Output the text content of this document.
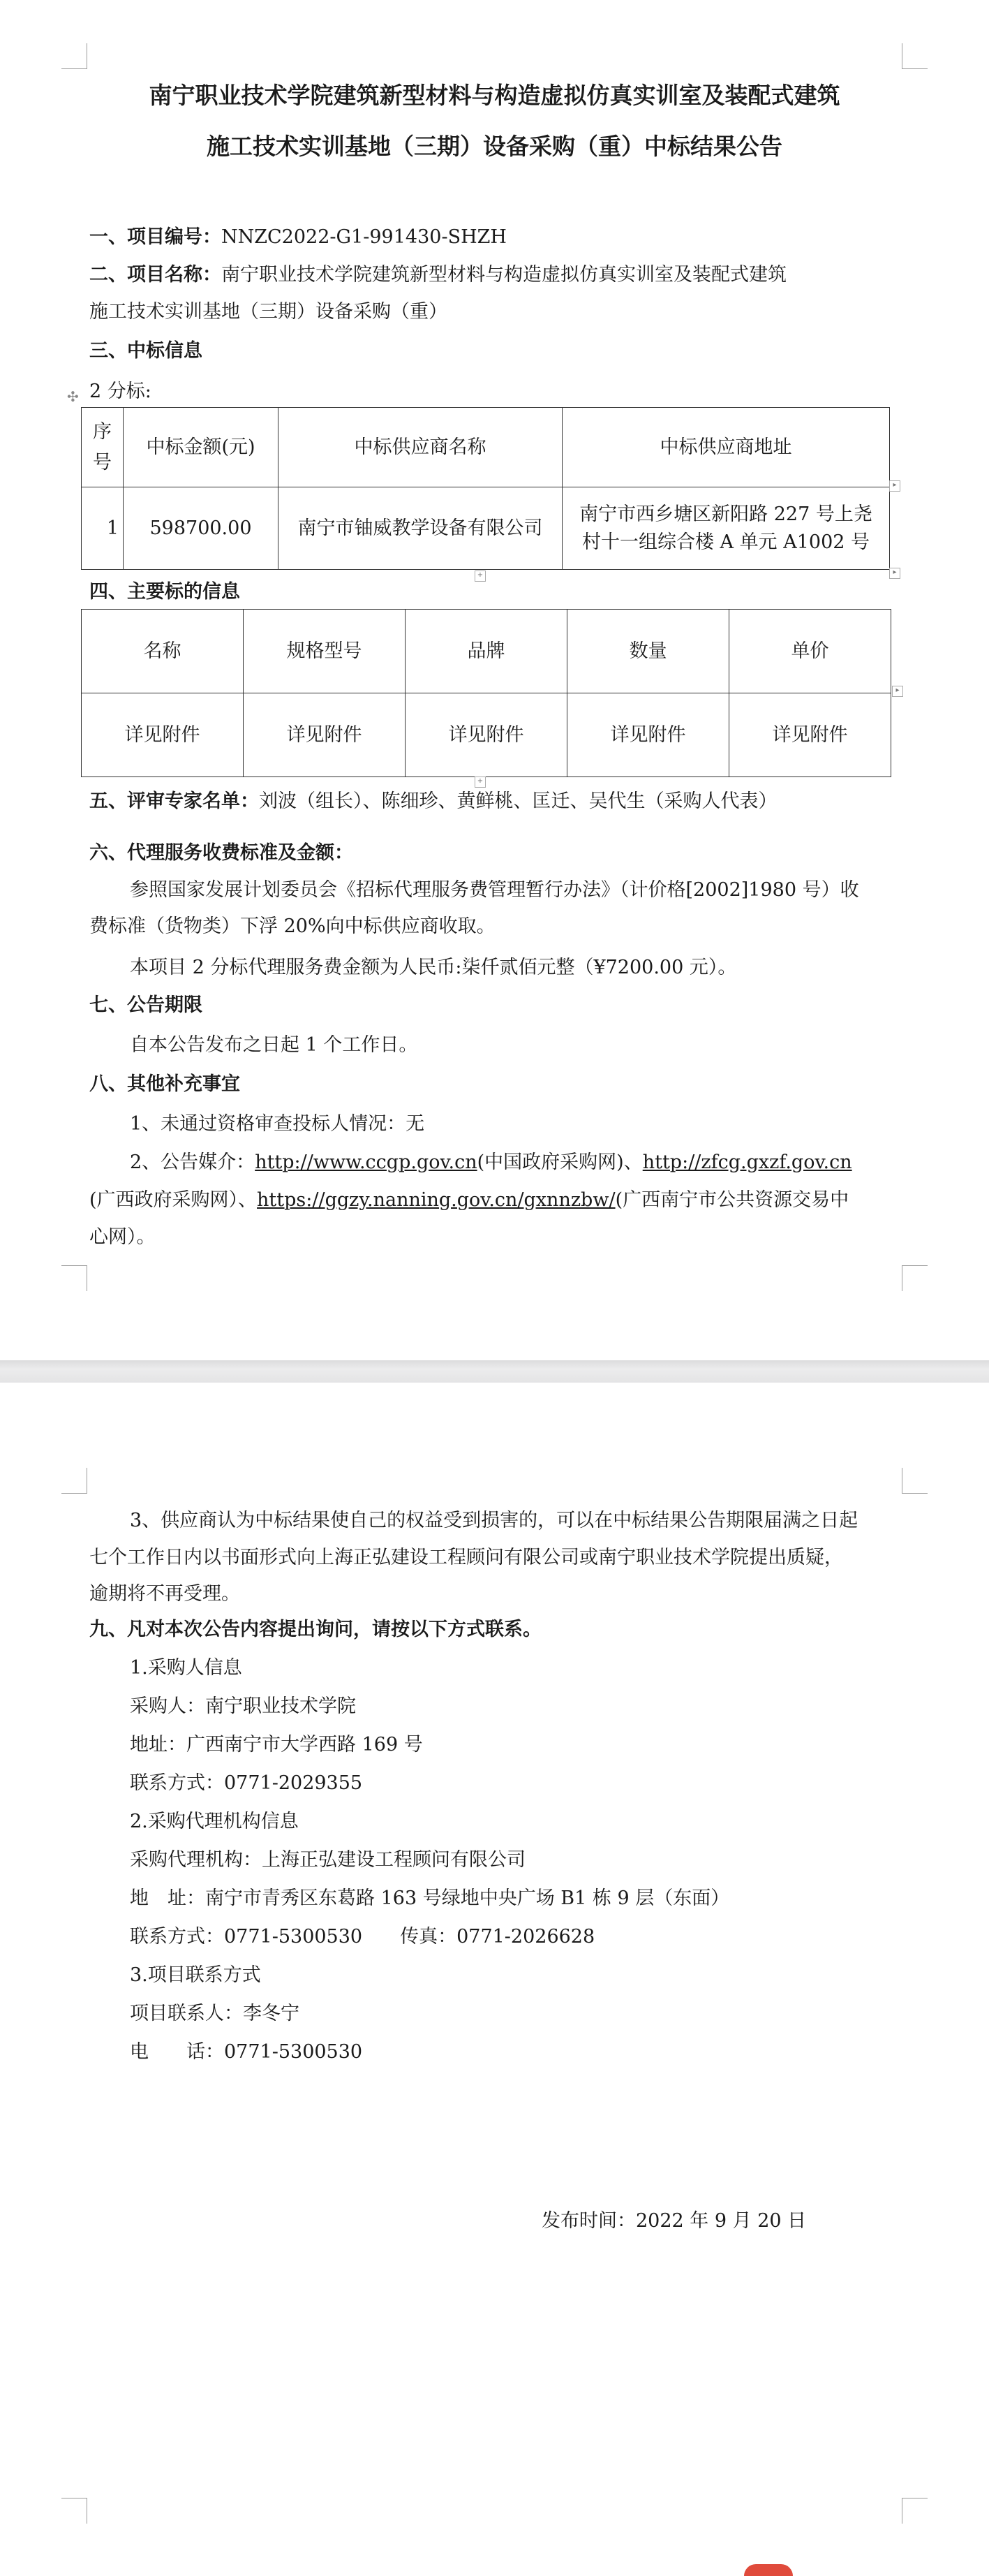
南宁职业技术学院建筑新型材料与构造虚拟仿真实训室及装配式建筑
施工技术实训基地（三期）设备采购（重）中标结果公告
一、项目编号：NNZC2022-G1-991430-SHZH
二、项目名称：南宁职业技术学院建筑新型材料与构造虚拟仿真实训室及装配式建筑
施工技术实训基地（三期）设备采购（重）
三、中标信息
✣ 2 分标:
序号	中标金额(元)	中标供应商名称	中标供应商地址
1	598700.00	南宁市铀威教学设备有限公司	南宁市西乡塘区新阳路 227 号上尧
村十一组综合楼 A 单元 A1002 号
▸
▸
+
四、主要标的信息
名称	规格型号	品牌	数量	单价
详见附件	详见附件	详见附件	详见附件	详见附件
▸
+
五、评审专家名单：刘波（组长）、陈细珍、黄鲜桃、匡迁、吴代生（采购人代表）
六、代理服务收费标准及金额：
参照国家发展计划委员会《招标代理服务费管理暂行办法》（计价格[2002]1980 号）收
费标准（货物类）下浮 20%向中标供应商收取。
本项目 2 分标代理服务费金额为人民币:柒仟贰佰元整（¥7200.00 元）。
七、公告期限
自本公告发布之日起 1 个工作日。
八、其他补充事宜
1、未通过资格审查投标人情况：无
2、公告媒介：http://www.ccgp.gov.cn(中国政府采购网)、http://zfcg.gxzf.gov.cn
(广西政府采购网）、https://ggzy.nanning.gov.cn/gxnnzbw/(广西南宁市公共资源交易中
心网）。
3、供应商认为中标结果使自己的权益受到损害的，可以在中标结果公告期限届满之日起
七个工作日内以书面形式向上海正弘建设工程顾问有限公司或南宁职业技术学院提出质疑，
逾期将不再受理。
九、凡对本次公告内容提出询问，请按以下方式联系。
1.采购人信息
采购人：南宁职业技术学院
地址：广西南宁市大学西路 169 号
联系方式：0771-2029355
2.采购代理机构信息
采购代理机构：上海正弘建设工程顾问有限公司
地　址：南宁市青秀区东葛路 163 号绿地中央广场 B1 栋 9 层（东面）
联系方式：0771-5300530　　传真：0771-2026628
3.项目联系方式
项目联系人：李冬宁
电　　话：0771-5300530
发布时间：2022 年 9 月 20 日
